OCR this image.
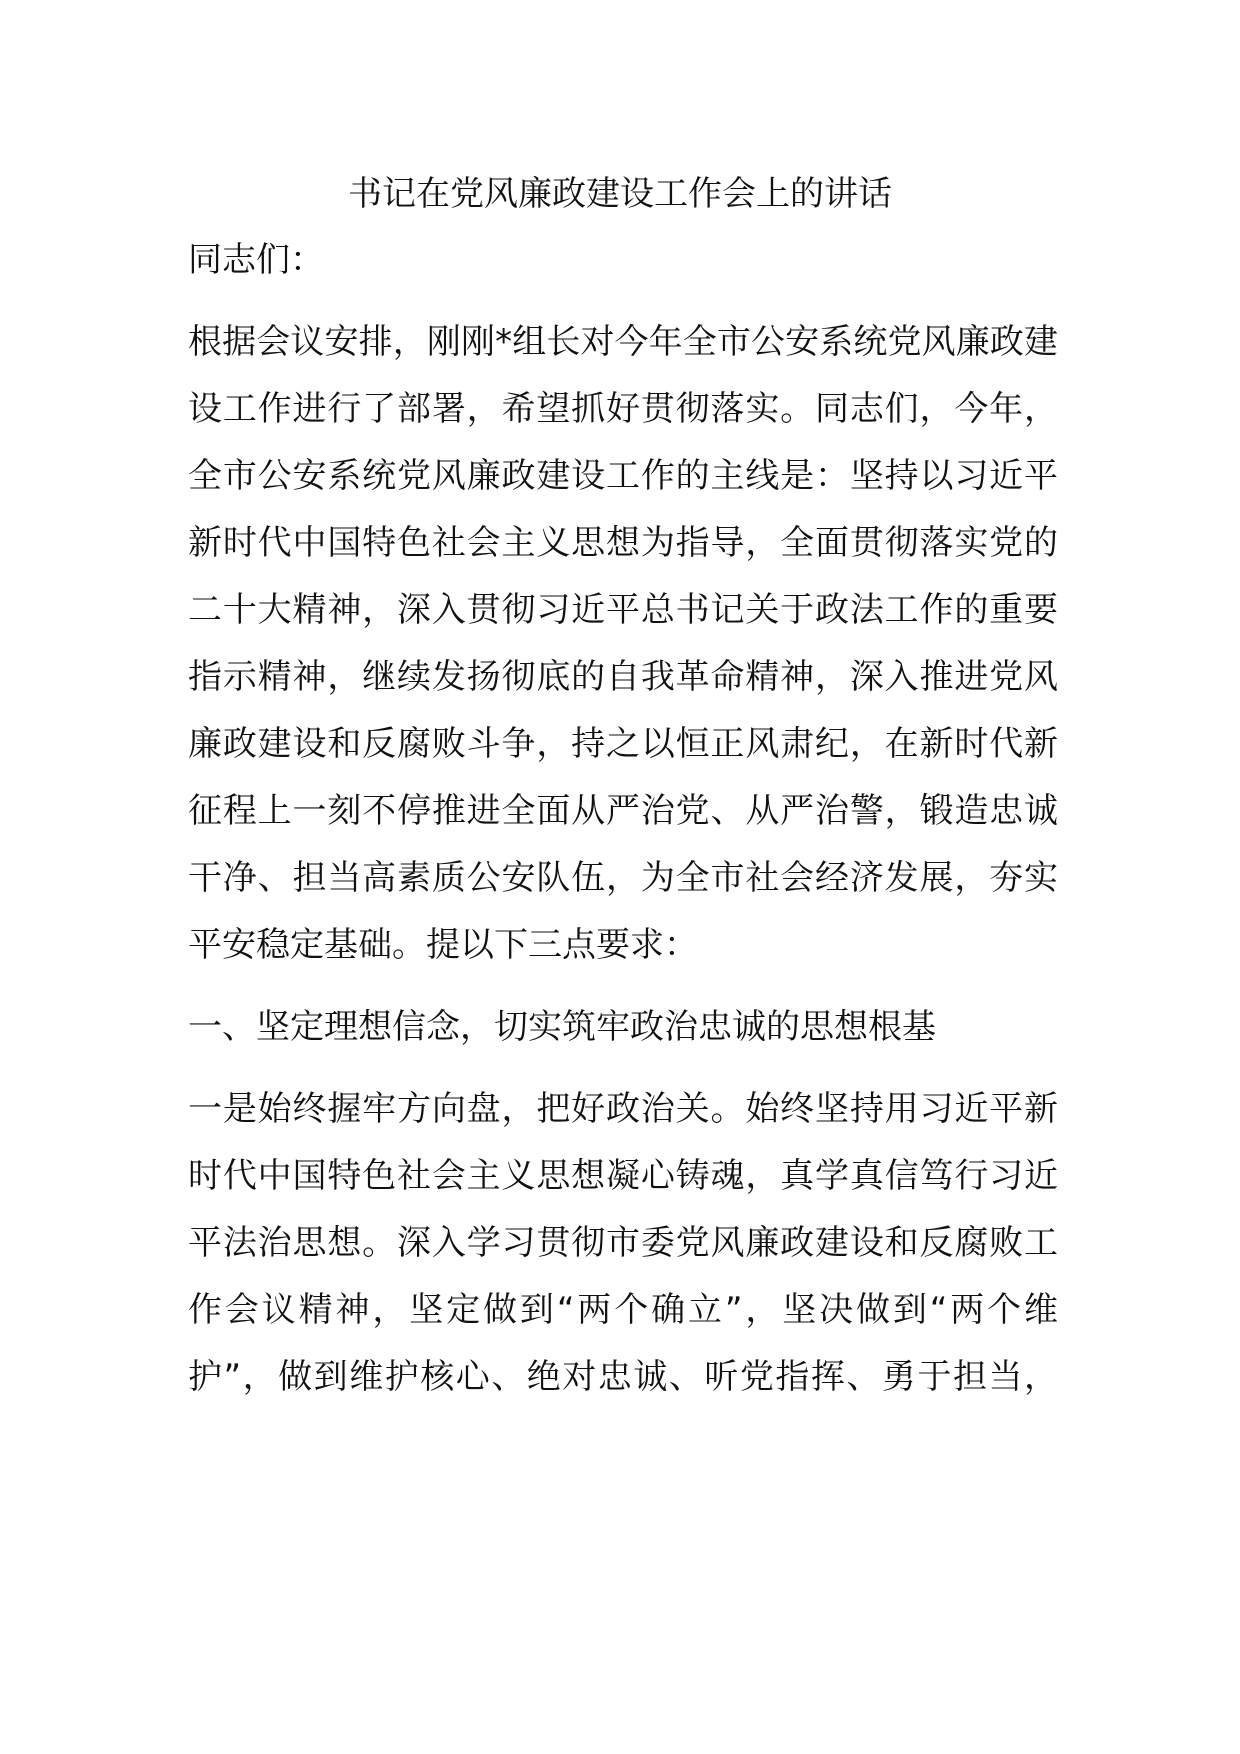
书记在党风廉政建设工作会上的讲话
同志们：
根据会议安排，刚刚*组长对今年全市公安系统党风廉政建
设工作进行了部署，希望抓好贯彻落实。同志们，今年，
全市公安系统党风廉政建设工作的主线是：坚持以习近平
新时代中国特色社会主义思想为指导，全面贯彻落实党的
二十大精神，深入贯彻习近平总书记关于政法工作的重要
指示精神，继续发扬彻底的自我革命精神，深入推进党风
廉政建设和反腐败斗争，持之以恒正风肃纪，在新时代新
征程上一刻不停推进全面从严治党、从严治警，锻造忠诚
干净、担当高素质公安队伍，为全市社会经济发展，夯实
平安稳定基础。提以下三点要求：
一、坚定理想信念，切实筑牢政治忠诚的思想根基
一是始终握牢方向盘，把好政治关。始终坚持用习近平新
时代中国特色社会主义思想凝心铸魂，真学真信笃行习近
平法治思想。深入学习贯彻市委党风廉政建设和反腐败工
作会议精神，坚定做到“两个确立”，坚决做到“两个维
护”，做到维护核心、绝对忠诚、听党指挥、勇于担当，
